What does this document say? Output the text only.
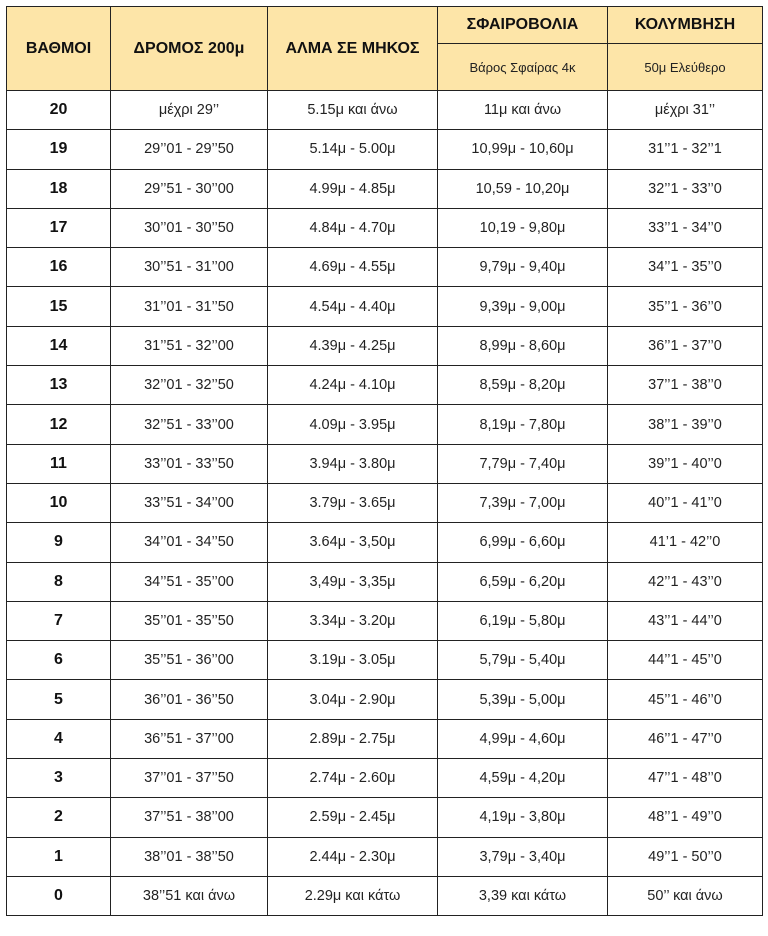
ΒΑΘΜΟΙ	ΔΡΟΜΟΣ 200μ	ΑΛΜΑ ΣΕ ΜΗΚΟΣ	ΣΦΑΙΡΟΒΟΛΙΑ	ΚΟΛΥΜΒΗΣΗ
			Βάρος Σφαίρας 4κ	50μ Ελεύθερο
20	μέχρι 29’’	5.15μ και άνω	11μ και άνω	μέχρι 31’’
19	29’’01 - 29’’50	5.14μ - 5.00μ	10,99μ - 10,60μ	31’’1 - 32’’1
18	29’’51 - 30’’00	4.99μ - 4.85μ	10,59 - 10,20μ	32’’1 - 33’’0
17	30’’01 - 30’’50	4.84μ - 4.70μ	10,19 - 9,80μ	33’’1 - 34’’0
16	30’’51 - 31’’00	4.69μ - 4.55μ	9,79μ - 9,40μ	34’’1 - 35’’0
15	31’’01 - 31’’50	4.54μ - 4.40μ	9,39μ - 9,00μ	35’’1 - 36’’0
14	31’’51 - 32’’00	4.39μ - 4.25μ	8,99μ - 8,60μ	36’’1 - 37’’0
13	32’’01 - 32’’50	4.24μ - 4.10μ	8,59μ - 8,20μ	37’’1 - 38’’0
12	32’’51 - 33’’00	4.09μ - 3.95μ	8,19μ - 7,80μ	38’’1 - 39’’0
11	33’’01 - 33’’50	3.94μ - 3.80μ	7,79μ - 7,40μ	39’’1 - 40’’0
10	33’’51 - 34’’00	3.79μ - 3.65μ	7,39μ - 7,00μ	40’’1 - 41’’0
9	34’’01 - 34’’50	3.64μ - 3,50μ	6,99μ - 6,60μ	41’1 - 42’’0
8	34’’51 - 35’’00	3,49μ - 3,35μ	6,59μ - 6,20μ	42’’1 - 43’’0
7	35’’01 - 35’’50	3.34μ - 3.20μ	6,19μ - 5,80μ	43’’1 - 44’’0
6	35’’51 - 36’’00	3.19μ - 3.05μ	5,79μ - 5,40μ	44’’1 - 45’’0
5	36’’01 - 36’’50	3.04μ - 2.90μ	5,39μ - 5,00μ	45’’1 - 46’’0
4	36’’51 - 37’’00	2.89μ - 2.75μ	4,99μ - 4,60μ	46’’1 - 47’’0
3	37’’01 - 37’’50	2.74μ - 2.60μ	4,59μ - 4,20μ	47’’1 - 48’’0
2	37’’51 - 38’’00	2.59μ - 2.45μ	4,19μ - 3,80μ	48’’1 - 49’’0
1	38’’01 - 38’’50	2.44μ - 2.30μ	3,79μ - 3,40μ	49’’1 - 50’’0
0	38’’51 και άνω	2.29μ και κάτω	3,39 και κάτω	50’’ και άνω
